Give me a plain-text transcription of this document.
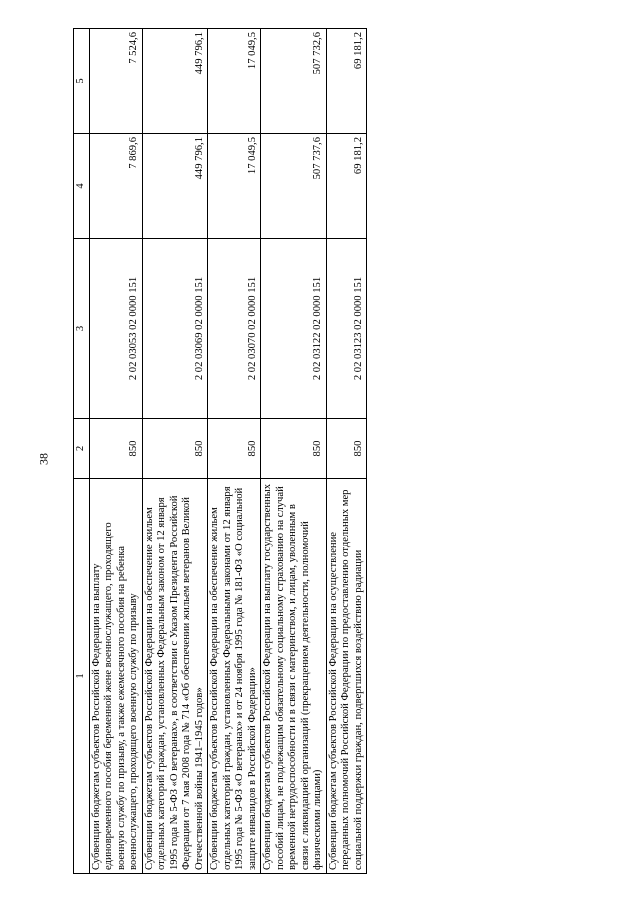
38
1	2	3	4	5
Субвенции бюджетам субъектов Российской Федерации на выплату единовременного пособия беременной жене военнослужащего, проходящего военную службу по призыву, а также ежемесячного пособия на ребенка военнослужащего, проходящего военную службу по призыву	850	2 02 03053 02 0000 151	7 869,6	7 524,6
Субвенции бюджетам субъектов Российской Федерации на обеспечение жильем отдельных категорий граждан, установленных Федеральным законом от 12 января 1995 года № 5-ФЗ «О ветеранах», в соответствии с Указом Президента Российской Федерации от 7 мая 2008 года № 714 «Об обеспечении жильем ветеранов Великой Отечественной войны 1941–1945 годов»	850	2 02 03069 02 0000 151	449 796,1	449 796,1
Субвенции бюджетам субъектов Российской Федерации на обеспечение жильем отдельных категорий граждан, установленных Федеральными законами от 12 января 1995 года № 5-ФЗ «О ветеранах» и от 24 ноября 1995 года № 181-ФЗ «О социальной защите инвалидов в Российской Федерации»	850	2 02 03070 02 0000 151	17 049,5	17 049,5
Субвенции бюджетам субъектов Российской Федерации на выплату государственных пособий лицам, не подлежащим обязательному социальному страхованию на случай временной нетрудоспособности и в связи с материнством, и лицам, уволенным в связи с ликвидацией организаций (прекращением деятельности, полномочий физическими лицами)	850	2 02 03122 02 0000 151	507 737,6	507 732,6
Субвенции бюджетам субъектов Российской Федерации на осуществление переданных полномочий Российской Федерации по предоставлению отдельных мер социальной поддержки граждан, подвергшихся воздействию радиации	850	2 02 03123 02 0000 151	69 181,2	69 181,2
